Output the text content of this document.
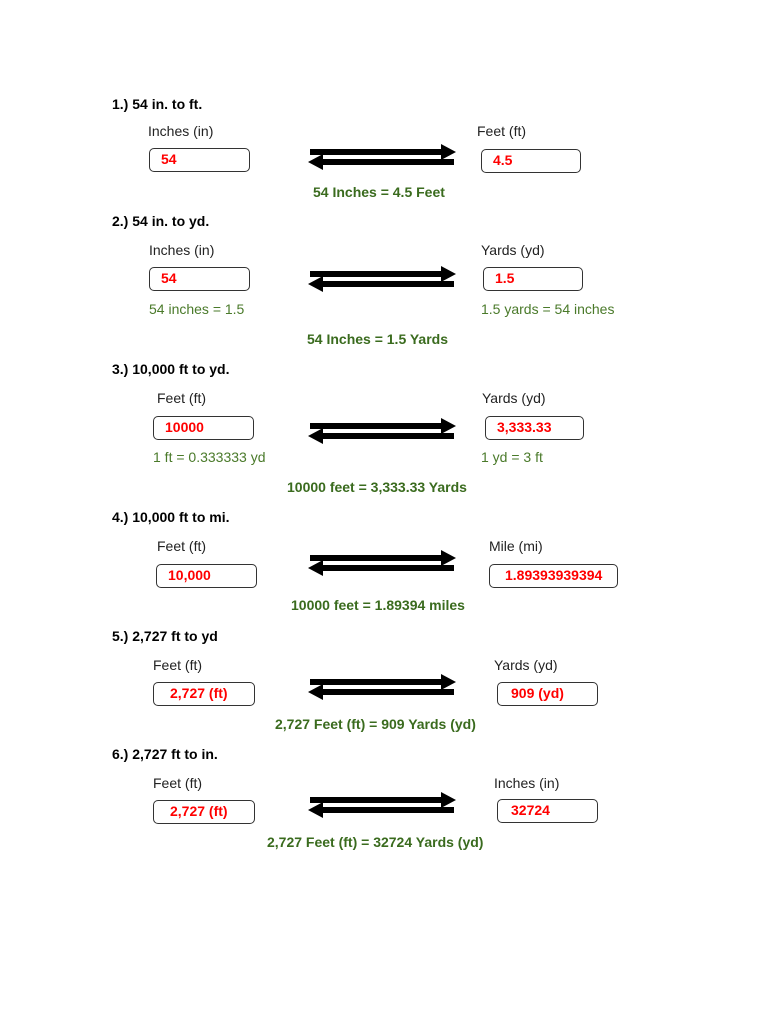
1.) 54 in. to ft.
Inches (in)	Feet (ft)
54	4.5
54 Inches = 4.5 Feet
2.) 54 in. to yd.
Inches (in)	Yards (yd)
54	1.5
54 inches = 1.5	1.5 yards = 54 inches
54 Inches = 1.5 Yards
3.) 10,000 ft to yd.
Feet (ft)	Yards (yd)
10000	3,333.33
1 ft = 0.333333 yd	1 yd = 3 ft
10000 feet = 3,333.33 Yards
4.) 10,000 ft to mi.
Feet (ft)	Mile (mi)
10,000	1.89393939394
10000 feet = 1.89394 miles
5.) 2,727 ft to yd
Feet (ft)	Yards (yd)
2,727 (ft)	909 (yd)
2,727 Feet (ft) = 909 Yards (yd)
6.) 2,727 ft to in.
Feet (ft)	Inches (in)
2,727 (ft)	32724
2,727 Feet (ft) = 32724 Yards (yd)
